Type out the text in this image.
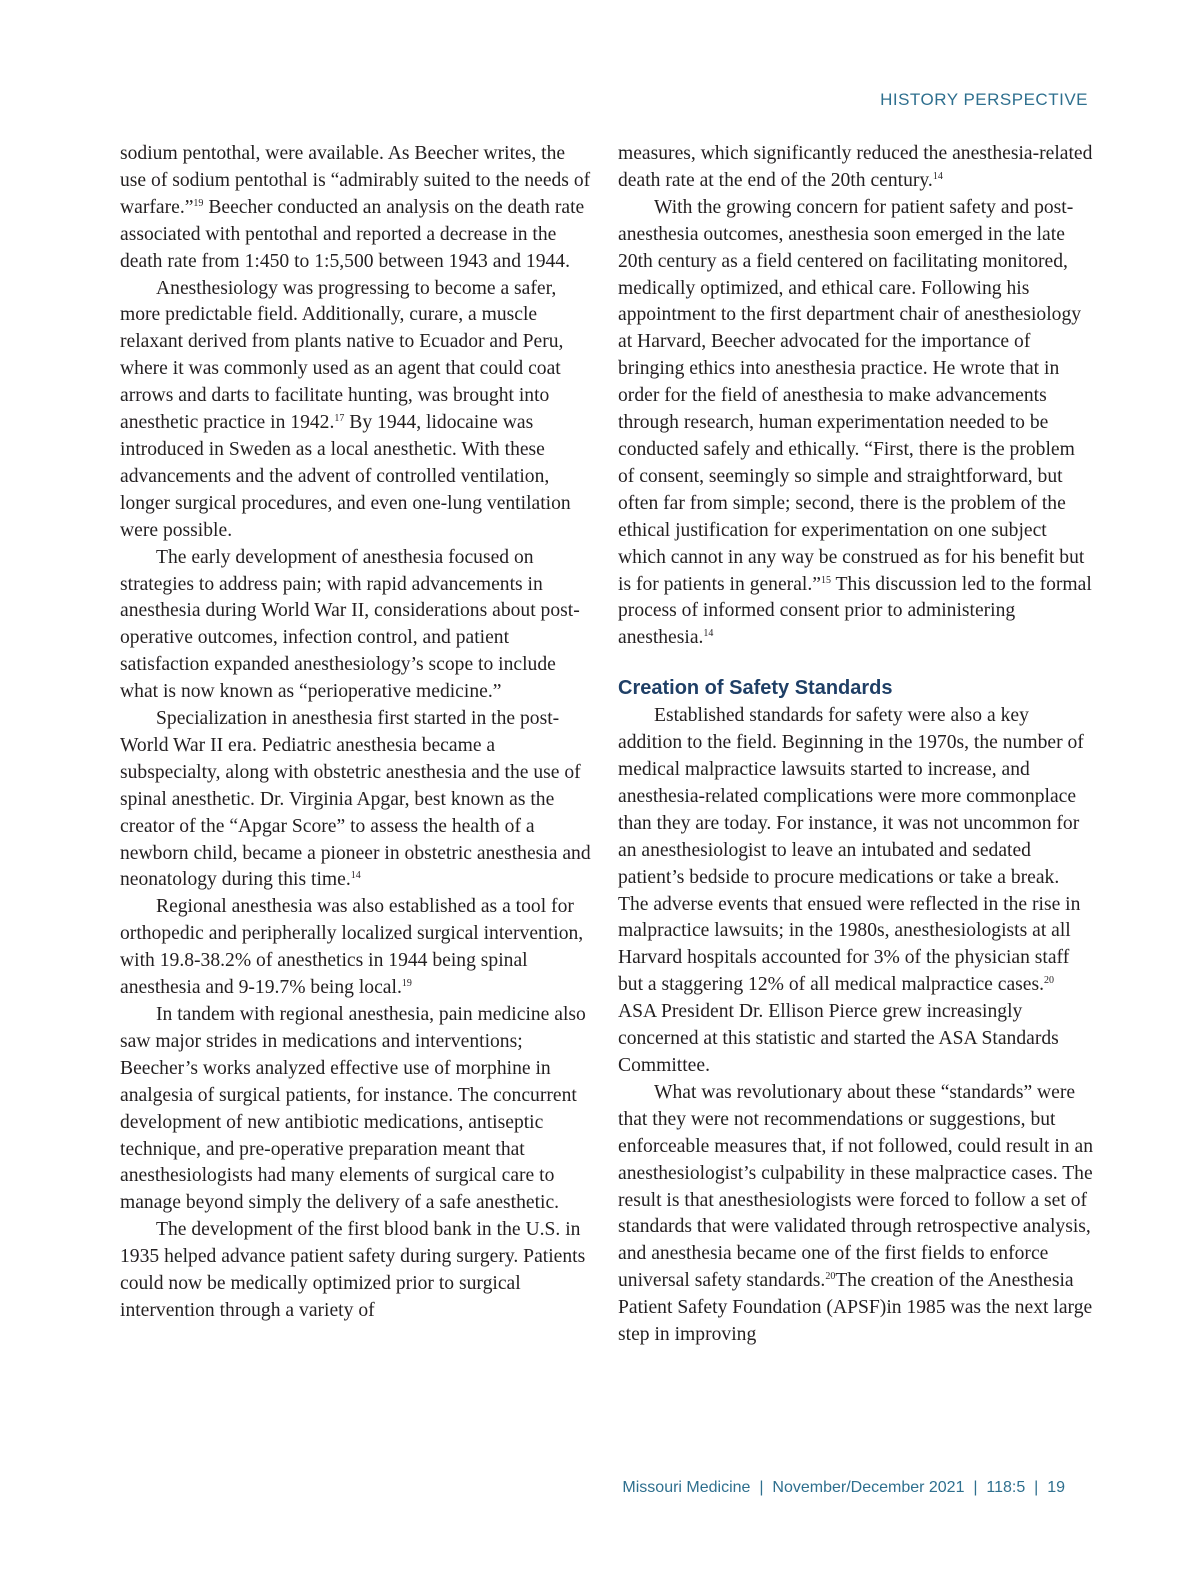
HISTORY PERSPECTIVE

sodium pentothal, were available. As Beecher writes, the use of sodium pentothal is “admirably suited to the needs of warfare.”$^{19}$ Beecher conducted an analysis on the death rate associated with pentothal and reported a decrease in the death rate from 1:450 to 1:5,500 between 1943 and 1944.

Anesthesiology was progressing to become a safer, more predictable field. Additionally, curare, a muscle relaxant derived from plants native to Ecuador and Peru, where it was commonly used as an agent that could coat arrows and darts to facilitate hunting, was brought into anesthetic practice in 1942.17 By 1944, lidocaine was introduced in Sweden as a local anesthetic. With these advancements and the advent of controlled ventilation, longer surgical procedures, and even one-lung ventilation were possible.

The early development of anesthesia focused on strategies to address pain; with rapid advancements in anesthesia during World War II, considerations about post-operative outcomes, infection control, and patient satisfaction expanded anesthesiology’s scope to include what is now known as “perioperative medicine.”

Specialization in anesthesia first started in the post-World War II era. Pediatric anesthesia became a subspecialty, along with obstetric anesthesia and the use of spinal anesthetic. Dr. Virginia Apgar, best known as the creator of the “Apgar Score” to assess the health of a newborn child, became a pioneer in obstetric anesthesia and neonatology during this time.$^{14}$

Regional anesthesia was also established as a tool for orthopedic and peripherally localized surgical intervention, with 19.8-38.2% of anesthetics in 1944 being spinal anesthesia and 9-19.7% being local.$^{19}$

In tandem with regional anesthesia, pain medicine also saw major strides in medications and interventions; Beecher’s works analyzed effective use of morphine in analgesia of surgical patients, for instance. The concurrent development of new antibiotic medications, antiseptic technique, and pre-operative preparation meant that anesthesiologists had many elements of surgical care to manage beyond simply the delivery of a safe anesthetic.

The development of the first blood bank in the U.S. in 1935 helped advance patient safety during surgery. Patients could now be medically optimized prior to surgical intervention through a variety of

measures, which significantly reduced the anesthesia-related death rate at the end of the 20th century.$^{14}$

With the growing concern for patient safety and post-anesthesia outcomes, anesthesia soon emerged in the late 20th century as a field centered on facilitating monitored, medically optimized, and ethical care. Following his appointment to the first department chair of anesthesiology at Harvard, Beecher advocated for the importance of bringing ethics into anesthesia practice. He wrote that in order for the field of anesthesia to make advancements through research, human experimentation needed to be conducted safely and ethically. “First, there is the problem of consent, seemingly so simple and straightforward, but often far from simple; second, there is the problem of the ethical justification for experimentation on one subject which cannot in any way be construed as for his benefit but is for patients in general.”$^{15}$ This discussion led to the formal process of informed consent prior to administering anesthesia.$^{14}$

Creation of Safety Standards

Established standards for safety were also a key addition to the field. Beginning in the 1970s, the number of medical malpractice lawsuits started to increase, and anesthesia-related complications were more commonplace than they are today. For instance, it was not uncommon for an anesthesiologist to leave an intubated and sedated patient’s bedside to procure medications or take a break. The adverse events that ensued were reflected in the rise in malpractice lawsuits; in the 1980s, anesthesiologists at all Harvard hospitals accounted for 3% of the physician staff but a staggering 12% of all medical malpractice cases.$^{20}$ ASA President Dr. Ellison Pierce grew increasingly concerned at this statistic and started the ASA Standards Committee.

What was revolutionary about these “standards” were that they were not recommendations or suggestions, but enforceable measures that, if not followed, could result in an anesthesiologist’s culpability in these malpractice cases. The result is that anesthesiologists were forced to follow a set of standards that were validated through retrospective analysis, and anesthesia became one of the first fields to enforce universal safety standards.$^{20}$The creation of the Anesthesia Patient Safety Foundation (APSF)in 1985 was the next large step in improving

Missouri Medicine  |  November/December 2021  |  118:5  |  19
